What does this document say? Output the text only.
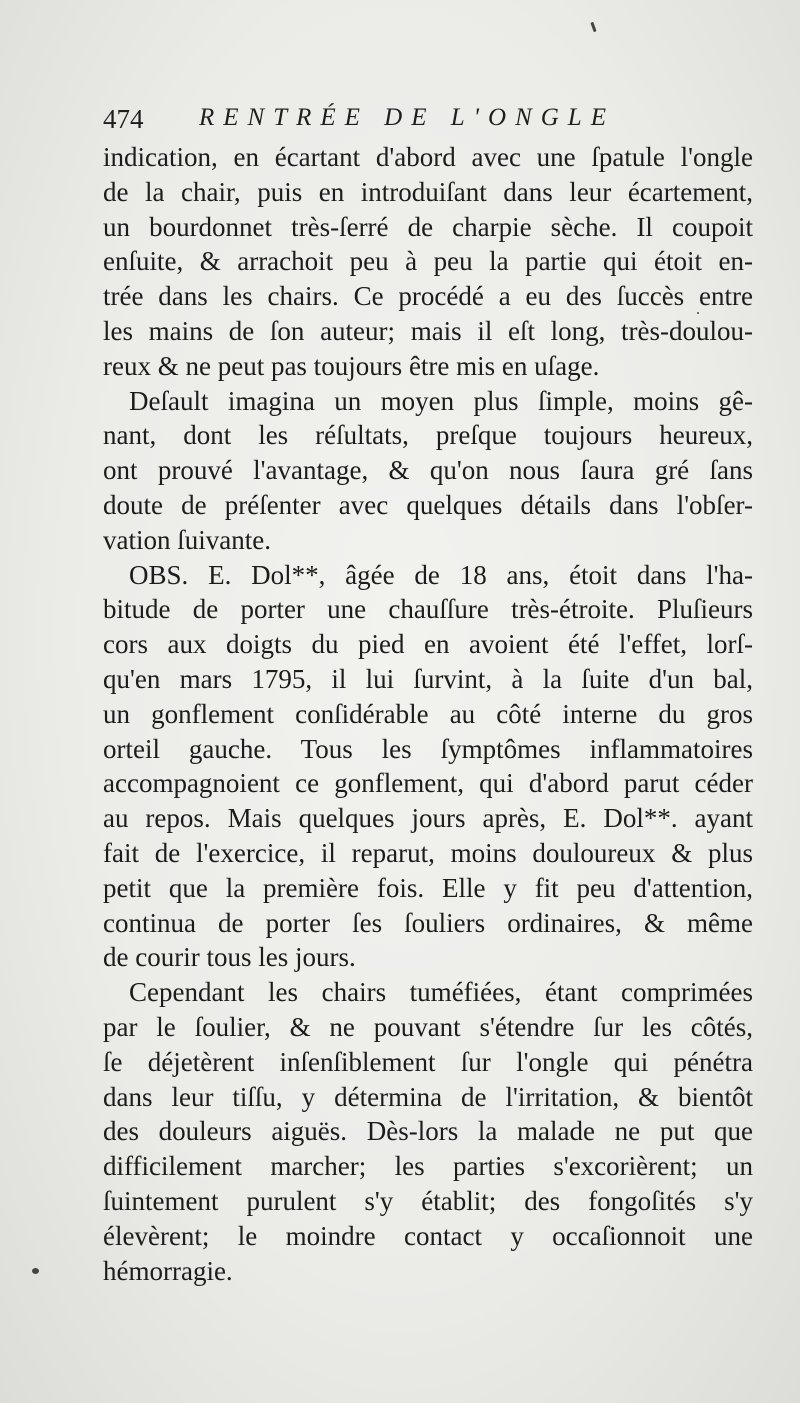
474 RENTRÉE DE L'ONGLE
indication, en écartant d'abord avec une ſpatule l'ongle
de la chair, puis en introduiſant dans leur écartement,
un bourdonnet très-ſerré de charpie sèche. Il coupoit
enſuite, & arrachoit peu à peu la partie qui étoit en-
trée dans les chairs. Ce procédé a eu des ſuccès entre
les mains de ſon auteur; mais il eſt long, très-doulou-
reux & ne peut pas toujours être mis en uſage.
Deſault imagina un moyen plus ſimple, moins gê-
nant, dont les réſultats, preſque toujours heureux,
ont prouvé l'avantage, & qu'on nous ſaura gré ſans
doute de préſenter avec quelques détails dans l'obſer-
vation ſuivante.
OBS. E. Dol**, âgée de 18 ans, étoit dans l'ha-
bitude de porter une chauſſure très-étroite. Pluſieurs
cors aux doigts du pied en avoient été l'effet, lorſ-
qu'en mars 1795, il lui ſurvint, à la ſuite d'un bal,
un gonflement conſidérable au côté interne du gros
orteil gauche. Tous les ſymptômes inflammatoires
accompagnoient ce gonflement, qui d'abord parut céder
au repos. Mais quelques jours après, E. Dol**. ayant
fait de l'exercice, il reparut, moins douloureux & plus
petit que la première fois. Elle y fit peu d'attention,
continua de porter ſes ſouliers ordinaires, & même
de courir tous les jours.
Cependant les chairs tuméfiées, étant comprimées
par le ſoulier, & ne pouvant s'étendre ſur les côtés,
ſe déjetèrent inſenſiblement ſur l'ongle qui pénétra
dans leur tiſſu, y détermina de l'irritation, & bientôt
des douleurs aiguës. Dès-lors la malade ne put que
difficilement marcher; les parties s'excorièrent; un
ſuintement purulent s'y établit; des fongoſités s'y
élevèrent; le moindre contact y occaſionnoit une
hémorragie.
